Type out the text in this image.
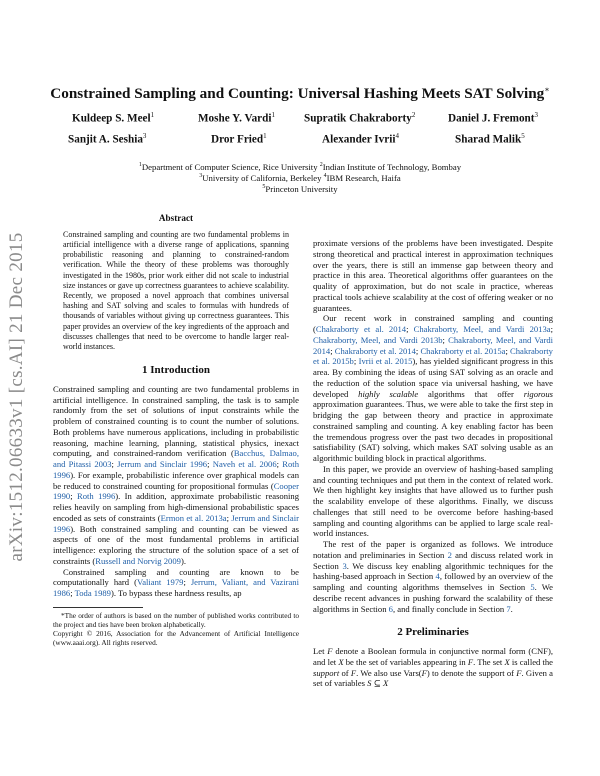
arXiv:1512.06633v1 [cs.AI] 21 Dec 2015
Constrained Sampling and Counting: Universal Hashing Meets SAT Solving∗
Kuldeep S. Meel$^1$	Moshe Y. Vardi$^1$	Supratik Chakraborty$^2$	Daniel J. Fremont$^3$
Sanjit A. Seshia$^3$	Dror Fried$^1$	Alexander Ivrii$^4$	Sharad Malik$^5$
$^1$Department of Computer Science, Rice University $^2$Indian Institute of Technology, Bombay
$^3$University of California, Berkeley $^4$IBM Research, Haifa
$^5$Princeton University
Abstract

Constrained sampling and counting are two fundamental problems in artificial intelligence with a diverse range of applications, spanning probabilistic reasoning and planning to constrained-random verification. While the theory of these problems was thoroughly investigated in the 1980s, prior work either did not scale to industrial size instances or gave up correctness guarantees to achieve scalability. Recently, we proposed a novel approach that combines universal hashing and SAT solving and scales to formulas with hundreds of thousands of variables without giving up correctness guarantees. This paper provides an overview of the key ingredients of the approach and discusses challenges that need to be overcome to handle larger real-world instances.

1 Introduction

Constrained sampling and counting are two fundamental problems in artificial intelligence. In constrained sampling, the task is to sample randomly from the set of solutions of input constraints while the problem of constrained counting is to count the number of solutions. Both problems have numerous applications, including in probabilistic reasoning, machine learning, planning, statistical physics, inexact computing, and constrained-random verification (Bacchus, Dalmao, and Pitassi 2003; Jerrum and Sinclair 1996; Naveh et al. 2006; Roth 1996). For example, probabilistic inference over graphical models can be reduced to constrained counting for propositional formulas (Cooper 1990; Roth 1996). In addition, approximate probabilistic reasoning relies heavily on sampling from high-dimensional probabilistic spaces encoded as sets of constraints (Ermon et al. 2013a; Jerrum and Sinclair 1996). Both constrained sampling and counting can be viewed as aspects of one of the most fundamental problems in artificial intelligence: exploring the structure of the solution space of a set of constraints (Russell and Norvig 2009).

Constrained sampling and counting are known to be computationally hard (Valiant 1979; Jerrum, Valiant, and Vazirani 1986; Toda 1989). To bypass these hardness results, ap

*The order of authors is based on the number of published works contributed to the project and ties have been broken alphabetically.

Copyright © 2016, Association for the Advancement of Artificial Intelligence (www.aaai.org). All rights reserved.

proximate versions of the problems have been investigated. Despite strong theoretical and practical interest in approximation techniques over the years, there is still an immense gap between theory and practice in this area. Theoretical algorithms offer guarantees on the quality of approximation, but do not scale in practice, whereas practical tools achieve scalability at the cost of offering weaker or no guarantees.

Our recent work in constrained sampling and counting (Chakraborty et al. 2014; Chakraborty, Meel, and Vardi 2013a; Chakraborty, Meel, and Vardi 2013b; Chakraborty, Meel, and Vardi 2014; Chakraborty et al. 2014; Chakraborty et al. 2015a; Chakraborty et al. 2015b; Ivrii et al. 2015), has yielded significant progress in this area. By combining the ideas of using SAT solving as an oracle and the reduction of the solution space via universal hashing, we have developed highly scalable algorithms that offer rigorous approximation guarantees. Thus, we were able to take the first step in bridging the gap between theory and practice in approximate constrained sampling and counting. A key enabling factor has been the tremendous progress over the past two decades in propositional satisfiability (SAT) solving, which makes SAT solving usable as an algorithmic building block in practical algorithms.

In this paper, we provide an overview of hashing-based sampling and counting techniques and put them in the context of related work. We then highlight key insights that have allowed us to further push the scalability envelope of these algorithms. Finally, we discuss challenges that still need to be overcome before hashing-based sampling and counting algorithms can be applied to large scale real-world instances.

The rest of the paper is organized as follows. We introduce notation and preliminaries in Section 2 and discuss related work in Section 3. We discuss key enabling algorithmic techniques for the hashing-based approach in Section 4, followed by an overview of the sampling and counting algorithms themselves in Section 5. We describe recent advances in pushing forward the scalability of these algorithms in Section 6, and finally conclude in Section 7.

2 Preliminaries

Let F denote a Boolean formula in conjunctive normal form (CNF), and let X be the set of variables appearing in F. The set X is called the support of F. We also use Vars(F) to denote the support of F. Given a set of variables S ⊆ X
